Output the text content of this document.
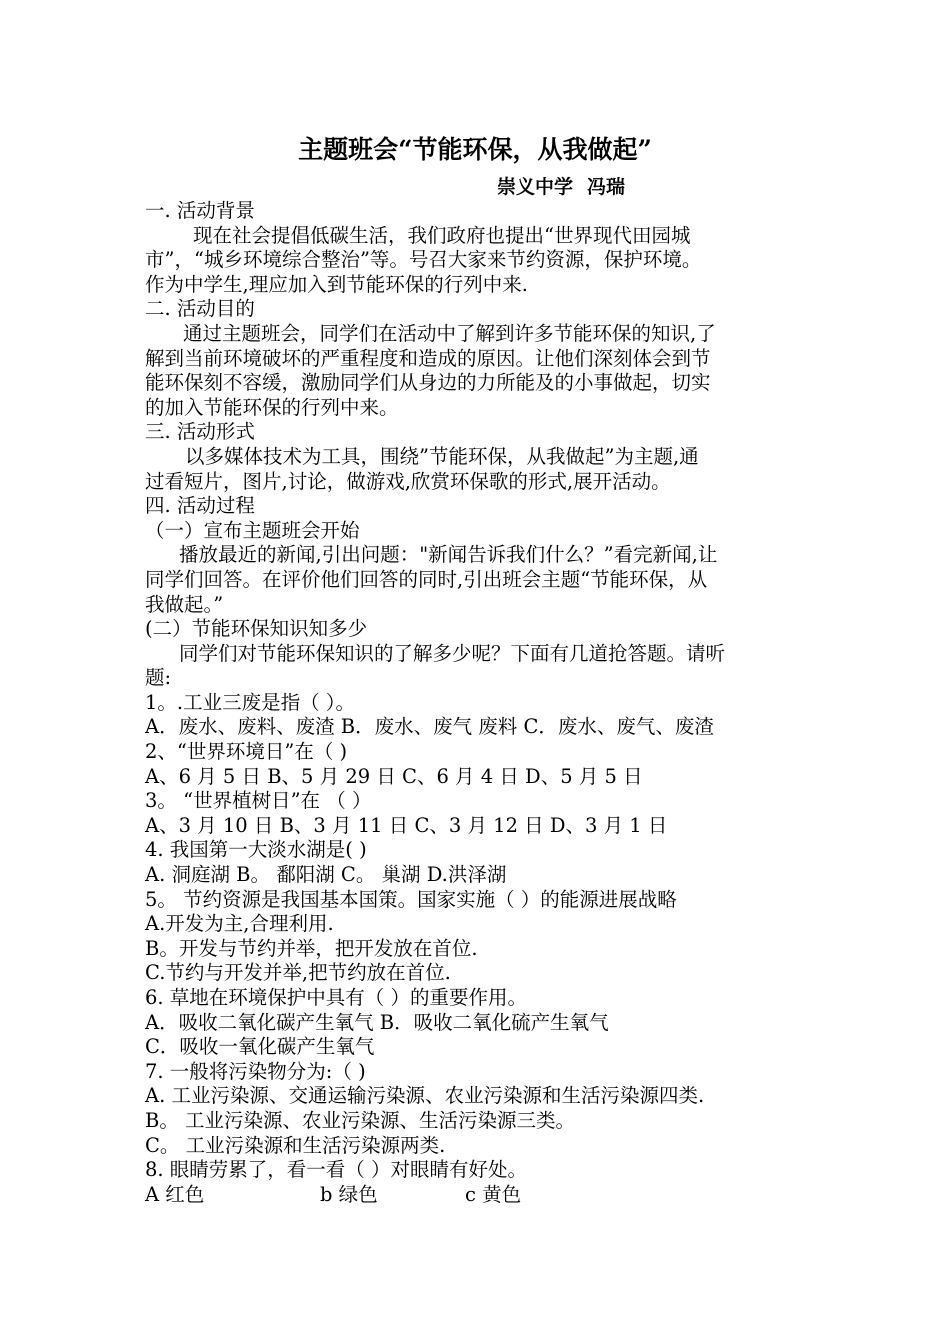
主题班会“节能环保，从我做起”
崇义中学 冯瑞
一. 活动背景
现在社会提倡低碳生活，我们政府也提出“世界现代田园城
市”，“城乡环境综合整治”等。号召大家来节约资源，保护环境。
作为中学生,理应加入到节能环保的行列中来.
二. 活动目的
通过主题班会，同学们在活动中了解到许多节能环保的知识,了
解到当前环境破坏的严重程度和造成的原因。让他们深刻体会到节
能环保刻不容缓，激励同学们从身边的力所能及的小事做起，切实
的加入节能环保的行列中来。
三. 活动形式
以多媒体技术为工具，围绕”节能环保，从我做起”为主题,通
过看短片，图片,讨论，做游戏,欣赏环保歌的形式,展开活动。
四. 活动过程
（一）宣布主题班会开始
播放最近的新闻,引出问题："新闻告诉我们什么？”看完新闻,让
同学们回答。在评价他们回答的同时,引出班会主题“节能环保，从
我做起。”
(二）节能环保知识知多少
同学们对节能环保知识的了解多少呢？下面有几道抢答题。请听
题:
1。.工业三废是指（ ）。
A．废水、废料、废渣 B．废水、废气 废料 C．废水、废气、废渣
2、“世界环境日”在（ )
A、6 月 5 日 B、5 月 29 日 C、6 月 4 日 D、5 月 5 日
3。 “世界植树日”在 （ ）
A、3 月 10 日 B、3 月 11 日 C、3 月 12 日 D、3 月 1 日
4. 我国第一大淡水湖是( )
A. 洞庭湖 B。 鄱阳湖 C。 巢湖 D.洪泽湖
5。 节约资源是我国基本国策。国家实施（ ）的能源进展战略
A.开发为主,合理利用.
B。开发与节约并举，把开发放在首位.
C.节约与开发并举,把节约放在首位.
6. 草地在环境保护中具有（ ）的重要作用。
A．吸收二氧化碳产生氧气 B．吸收二氧化硫产生氧气
C．吸收一氧化碳产生氧气
7. 一般将污染物分为:（ )
A. 工业污染源、交通运输污染源、农业污染源和生活污染源四类.
B。 工业污染源、农业污染源、生活污染源三类。
C。 工业污染源和生活污染源两类.
8. 眼睛劳累了，看一看（ ）对眼睛有好处。
A 红色	b 绿色	c 黄色
